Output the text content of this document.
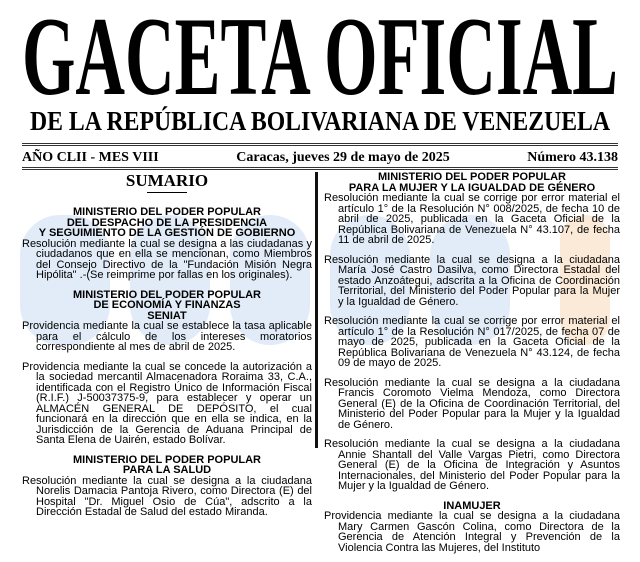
GACETA OFICIAL
DE LA REPÚBLICA BOLIVARIANA DE VENEZUELA
AÑO CLII - MES VIII	Caracas, jueves 29 de mayo de 2025	Número 43.138
SUMARIO
MINISTERIO DEL PODER POPULAR
DEL DESPACHO DE LA PRESIDENCIA
Y SEGUIMIENTO DE LA GESTIÓN DE GOBIERNO
Resolución mediante la cual se designa a las ciudadanas y ciudadanos que en ella se mencionan, como Miembros del Consejo Directivo de la "Fundación Misión Negra Hipólita" .-(Se reimprime por fallas en los originales).
MINISTERIO DEL PODER POPULAR
DE ECONOMÍA Y FINANZAS
SENIAT
Providencia mediante la cual se establece la tasa aplicable para el cálculo de los intereses moratorios correspondiente al mes de abril de 2025.
Providencia mediante la cual se concede la autorización a la sociedad mercantil Almacenadora Roraima 33, C.A., identificada con el Registro Único de Información Fiscal (R.I.F.) J-50037375-9, para establecer y operar un ALMACÉN GENERAL DE DEPÓSITO, el cual funcionará en la dirección que en ella se indica, en la Jurisdicción de la Gerencia de Aduana Principal de Santa Elena de Uairén, estado Bolívar.
MINISTERIO DEL PODER POPULAR
PARA LA SALUD
Resolución mediante la cual se designa a la ciudadana Norelis Damacia Pantoja Rivero, como Directora (E) del Hospital "Dr. Miguel Osio de Cúa", adscrito a la Dirección Estadal de Salud del estado Miranda.
MINISTERIO DEL PODER POPULAR
PARA LA MUJER Y LA IGUALDAD DE GÉNERO
Resolución mediante la cual se corrige por error material el artículo 1° de la Resolución N° 008/2025, de fecha 10 de abril de 2025, publicada en la Gaceta Oficial de la República Bolivariana de Venezuela N° 43.107, de fecha 11 de abril de 2025.
Resolución mediante la cual se designa a la ciudadana María José Castro Dasilva, como Directora Estadal del estado Anzoátegui, adscrita a la Oficina de Coordinación Territorial, del Ministerio del Poder Popular para la Mujer y la Igualdad de Género.
Resolución mediante la cual se corrige por error material el artículo 1° de la Resolución N° 017/2025, de fecha 07 de mayo de 2025, publicada en la Gaceta Oficial de la República Bolivariana de Venezuela N° 43.124, de fecha 09 de mayo de 2025.
Resolución mediante la cual se designa a la ciudadana Francis Coromoto Vielma Mendoza, como Directora General (E) de la Oficina de Coordinación Territorial, del Ministerio del Poder Popular para la Mujer y la Igualdad de Género.
Resolución mediante la cual se designa a la ciudadana Annie Shantall del Valle Vargas Pietri, como Directora General (E) de la Oficina de Integración y Asuntos Internacionales, del Ministerio del Poder Popular para la Mujer y la Igualdad de Género.
INAMUJER
Providencia mediante la cual se designa a la ciudadana Mary Carmen Gascón Colina, como Directora de la Gerencia de Atención Integral y Prevención de la Violencia Contra las Mujeres, del Instituto
